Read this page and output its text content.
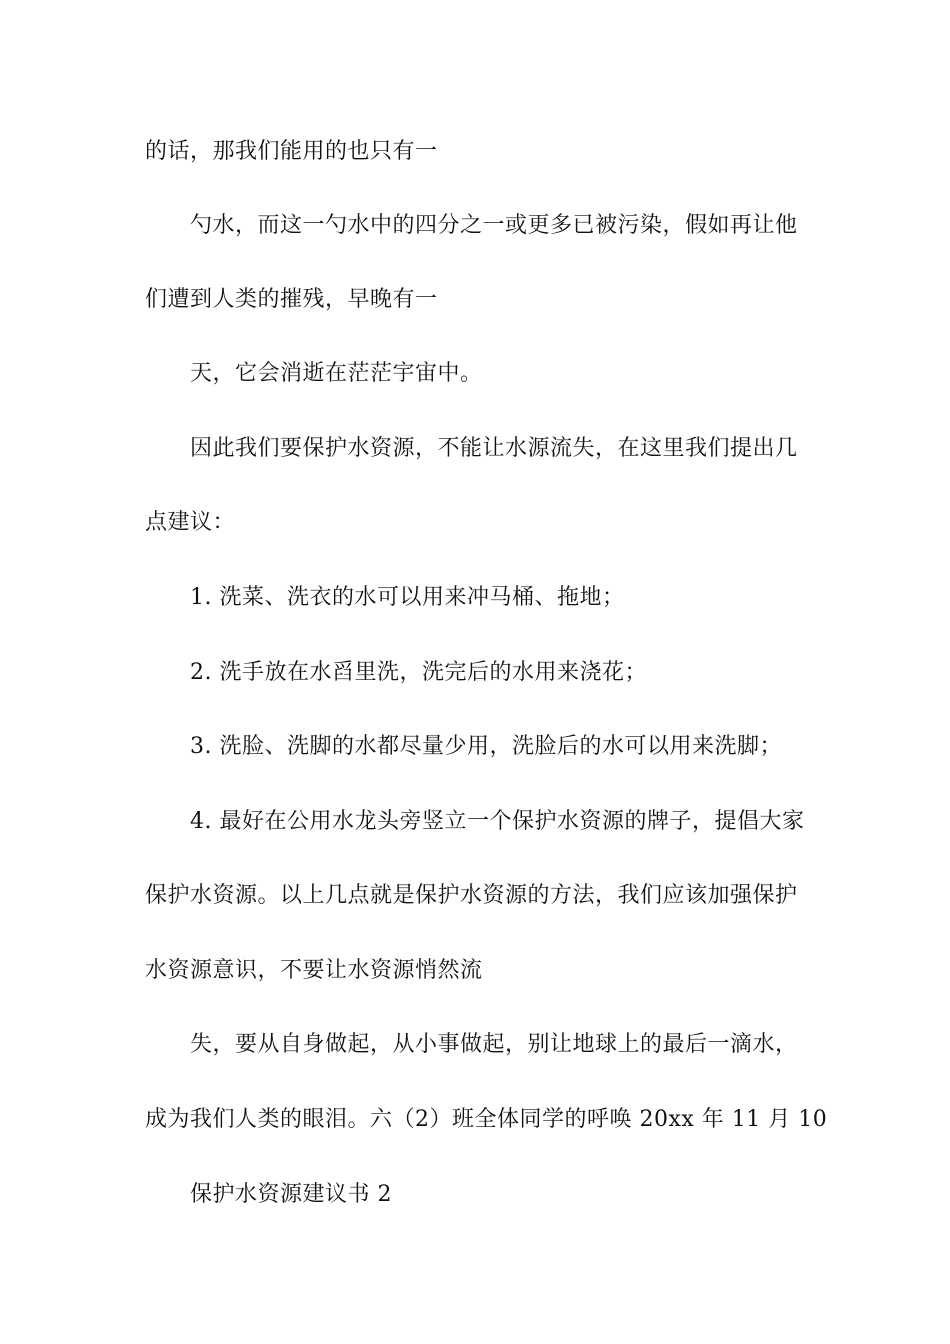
的话，那我们能用的也只有一
勺水，而这一勺水中的四分之一或更多已被污染，假如再让他
们遭到人类的摧残，早晚有一
天，它会消逝在茫茫宇宙中。
因此我们要保护水资源，不能让水源流失，在这里我们提出几
点建议：
1. 洗菜、洗衣的水可以用来冲马桶、拖地；
2. 洗手放在水舀里洗，洗完后的水用来浇花；
3. 洗脸、洗脚的水都尽量少用，洗脸后的水可以用来洗脚；
4. 最好在公用水龙头旁竖立一个保护水资源的牌子，提倡大家
保护水资源。以上几点就是保护水资源的方法，我们应该加强保护
水资源意识，不要让水资源悄然流
失，要从自身做起，从小事做起，别让地球上的最后一滴水，
成为我们人类的眼泪。六（2）班全体同学的呼唤 20xx 年 11 月 10
保护水资源建议书 2
